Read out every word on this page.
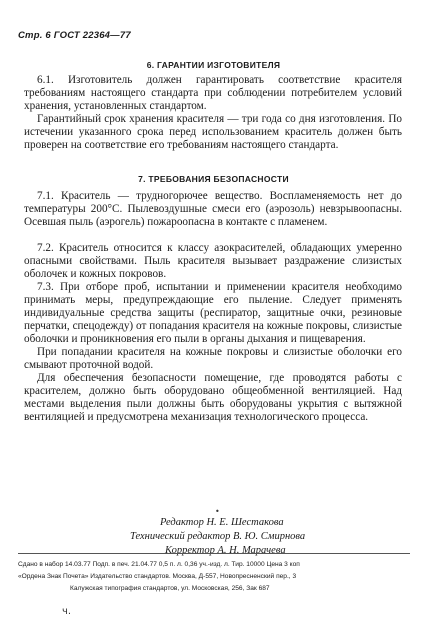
Стр. 6 ГОСТ 22364—77
6. ГАРАНТИИ ИЗГОТОВИТЕЛЯ

6.1. Изготовитель должен гарантировать соответствие красителя требованиям настоящего стандарта при соблюдении потребителем условий хранения, установленных стандартом.

Гарантийный срок хранения красителя — три года со дня изготовления. По истечении указанного срока перед использованием краситель должен быть проверен на соответствие его требованиям настоящего стандарта.

7. ТРЕБОВАНИЯ БЕЗОПАСНОСТИ

7.1. Краситель — трудногорючее вещество. Воспламеняемость нет до температуры 200°С. Пылевоздушные смеси его (аэрозоль) невзрывоопасны. Осевшая пыль (аэрогель) пожароопасна в контакте с пламенем.

7.2. Краситель относится к классу азокрасителей, обладающих умеренно опасными свойствами. Пыль красителя вызывает раздражение слизистых оболочек и кожных покровов.

7.3. При отборе проб, испытании и применении красителя необходимо принимать меры, предупреждающие его пыление. Следует применять индивидуальные средства защиты (респиратор, защитные очки, резиновые перчатки, спецодежду) от попадания красителя на кожные покровы, слизистые оболочки и проникновения его пыли в органы дыхания и пищеварения.

При попадании красителя на кожные покровы и слизистые оболочки его смывают проточной водой.

Для обеспечения безопасности помещение, где проводятся работы с красителем, должно быть оборудовано общеобменной вентиляцией. Над местами выделения пыли должны быть оборудованы укрытия с вытяжной вентиляцией и предусмотрена механизация технологического процесса.

•
Редактор Н. Е. Шестакова
Технический редактор В. Ю. Смирнова
Корректор А. Н. Марачева
Сдано в набор 14.03.77 Подп. в печ. 21.04.77 0,5 п. л. 0,36 уч.-изд. л. Тир. 10000 Цена 3 коп
«Ордена Знак Почета» Издательство стандартов. Москва, Д-557, Новопресненский пер., 3
Калужская типография стандартов, ул. Московская, 256, Зак 687
ч.
